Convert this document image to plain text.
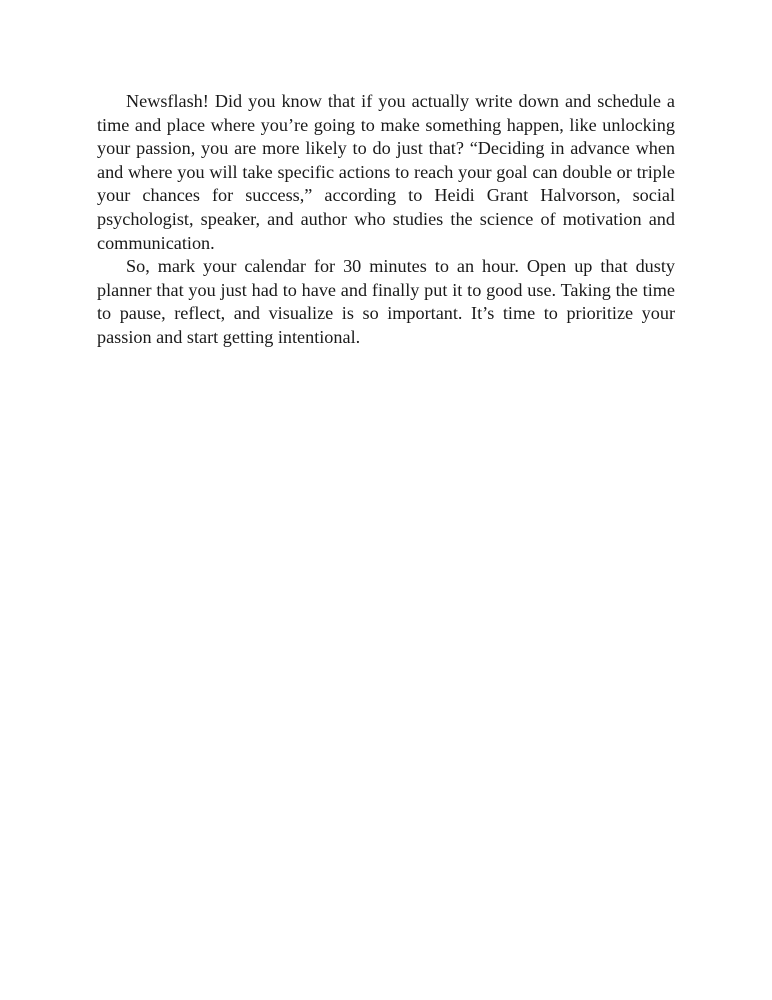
Newsflash! Did you know that if you actually write down and schedule a time and place where you’re going to make something happen, like unlocking your passion, you are more likely to do just that? “Deciding in advance when and where you will take specific actions to reach your goal can double or triple your chances for success,” according to Heidi Grant Halvorson, social psychologist, speaker, and author who studies the science of motivation and communication.

So, mark your calendar for 30 minutes to an hour. Open up that dusty planner that you just had to have and finally put it to good use. Taking the time to pause, reflect, and visualize is so important. It’s time to prioritize your passion and start getting intentional.
